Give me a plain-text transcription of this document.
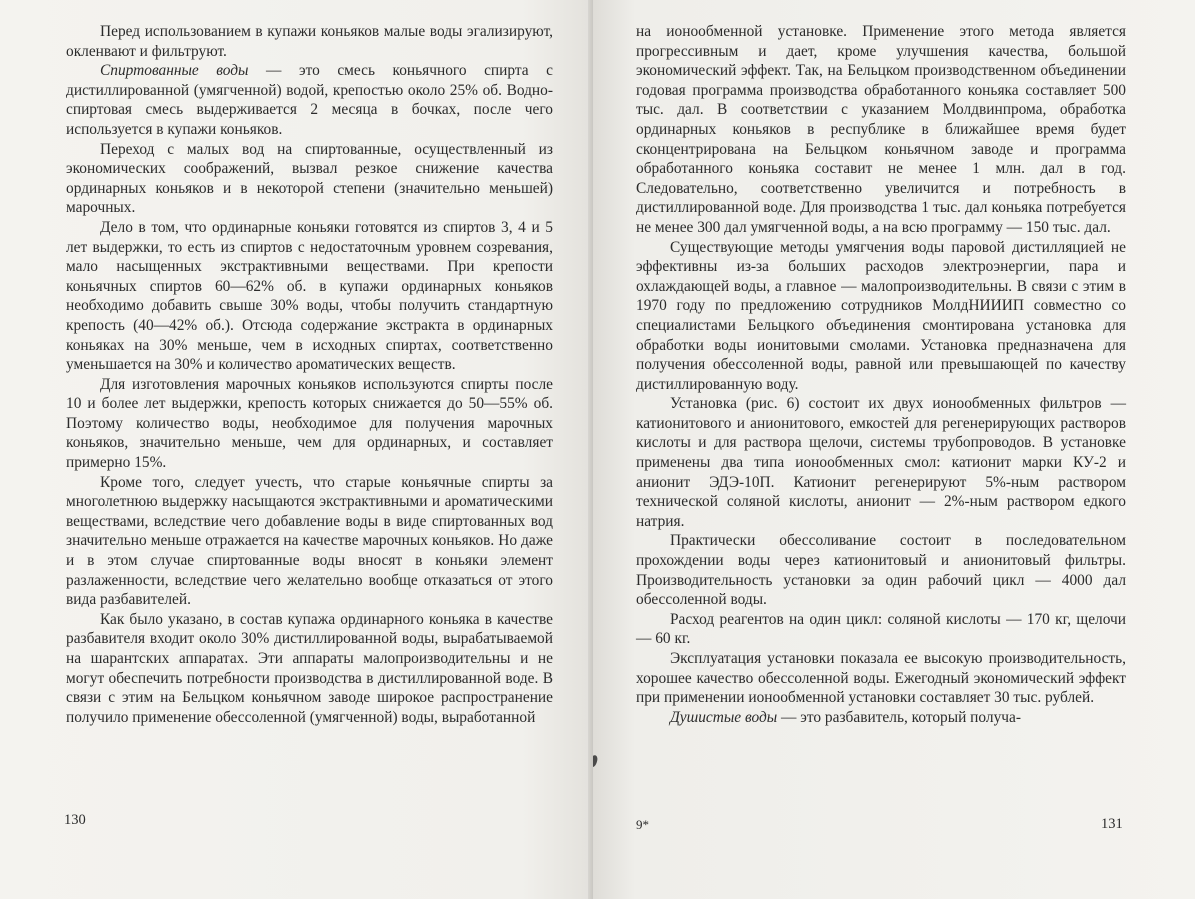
Перед использованием в купажи коньяков малые воды эгализируют, окленвают и фильтруют.

Спиртованные воды — это смесь коньячного спирта с дистиллированной (умягченной) водой, крепостью около 25% об. Водно-спиртовая смесь выдерживается 2 месяца в бочках, после чего используется в купажи коньяков.

Переход с малых вод на спиртованные, осуществленный из экономических соображений, вызвал резкое снижение качества ординарных коньяков и в некоторой степени (значительно меньшей) марочных.

Дело в том, что ординарные коньяки готовятся из спиртов 3, 4 и 5 лет выдержки, то есть из спиртов с недостаточным уровнем созревания, мало насыщенных экстрактивными веществами. При крепости коньячных спиртов 60—62% об. в купажи ординарных коньяков необходимо добавить свыше 30% воды, чтобы получить стандартную крепость (40—42% об.). Отсюда содержание экстракта в ординарных коньяках на 30% меньше, чем в исходных спиртах, соответственно уменьшается на 30% и количество ароматических веществ.

Для изготовления марочных коньяков используются спирты после 10 и более лет выдержки, крепость которых снижается до 50—55% об. Поэтому количество воды, необходимое для получения марочных коньяков, значительно меньше, чем для ординарных, и составляет примерно 15%.

Кроме того, следует учесть, что старые коньячные спирты за многолетнюю выдержку насыщаются экстрактивными и ароматическими веществами, вследствие чего добавление воды в виде спиртованных вод значительно меньше отражается на качестве марочных коньяков. Но даже и в этом случае спиртованные воды вносят в коньяки элемент разлаженности, вследствие чего желательно вообще отказаться от этого вида разбавителей.

Как было указано, в состав купажа ординарного коньяка в качестве разбавителя входит около 30% дистиллированной воды, вырабатываемой на шарантских аппаратах. Эти аппараты малопроизводительны и не могут обеспечить потребности производства в дистиллированной воде. В связи с этим на Бельцком коньячном заводе широкое распространение получило применение обессоленной (умягченной) воды, выработанной

130

на ионообменной установке. Применение этого метода является прогрессивным и дает, кроме улучшения качества, большой экономический эффект. Так, на Бельцком производственном объединении годовая программа производства обработанного коньяка составляет 500 тыс. дал. В соответствии с указанием Молдвинпрома, обработка ординарных коньяков в республике в ближайшее время будет сконцентрирована на Бельцком коньячном заводе и программа обработанного коньяка составит не менее 1 млн. дал в год. Следовательно, соответственно увеличится и потребность в дистиллированной воде. Для производства 1 тыс. дал коньяка потребуется не менее 300 дал умягченной воды, а на всю программу — 150 тыс. дал.

Существующие методы умягчения воды паровой дистилляцией не эффективны из-за больших расходов электроэнергии, пара и охлаждающей воды, а главное — малопроизводительны. В связи с этим в 1970 году по предложению сотрудников МолдНИИИП совместно со специалистами Бельцкого объединения смонтирована установка для обработки воды ионитовыми смолами. Установка предназначена для получения обессоленной воды, равной или превышающей по качеству дистиллированную воду.

Установка (рис. 6) состоит их двух ионообменных фильтров — катионитового и анионитового, емкостей для регенерирующих растворов кислоты и для раствора щелочи, системы трубопроводов. В установке применены два типа ионообменных смол: катионит марки КУ-2 и анионит ЭДЭ-10П. Катионит регенерируют 5%-ным раствором технической соляной кислоты, анионит — 2%-ным раствором едкого натрия.

Практически обессоливание состоит в последовательном прохождении воды через катионитовый и анионитовый фильтры. Производительность установки за один рабочий цикл — 4000 дал обессоленной воды.

Расход реагентов на один цикл: соляной кислоты — 170 кг, щелочи — 60 кг.

Эксплуатация установки показала ее высокую производительность, хорошее качество обессоленной воды. Ежегодный экономический эффект при применении ионообменной установки составляет 30 тыс. рублей.

Душистые воды — это разбавитель, который получа-

9*	131
